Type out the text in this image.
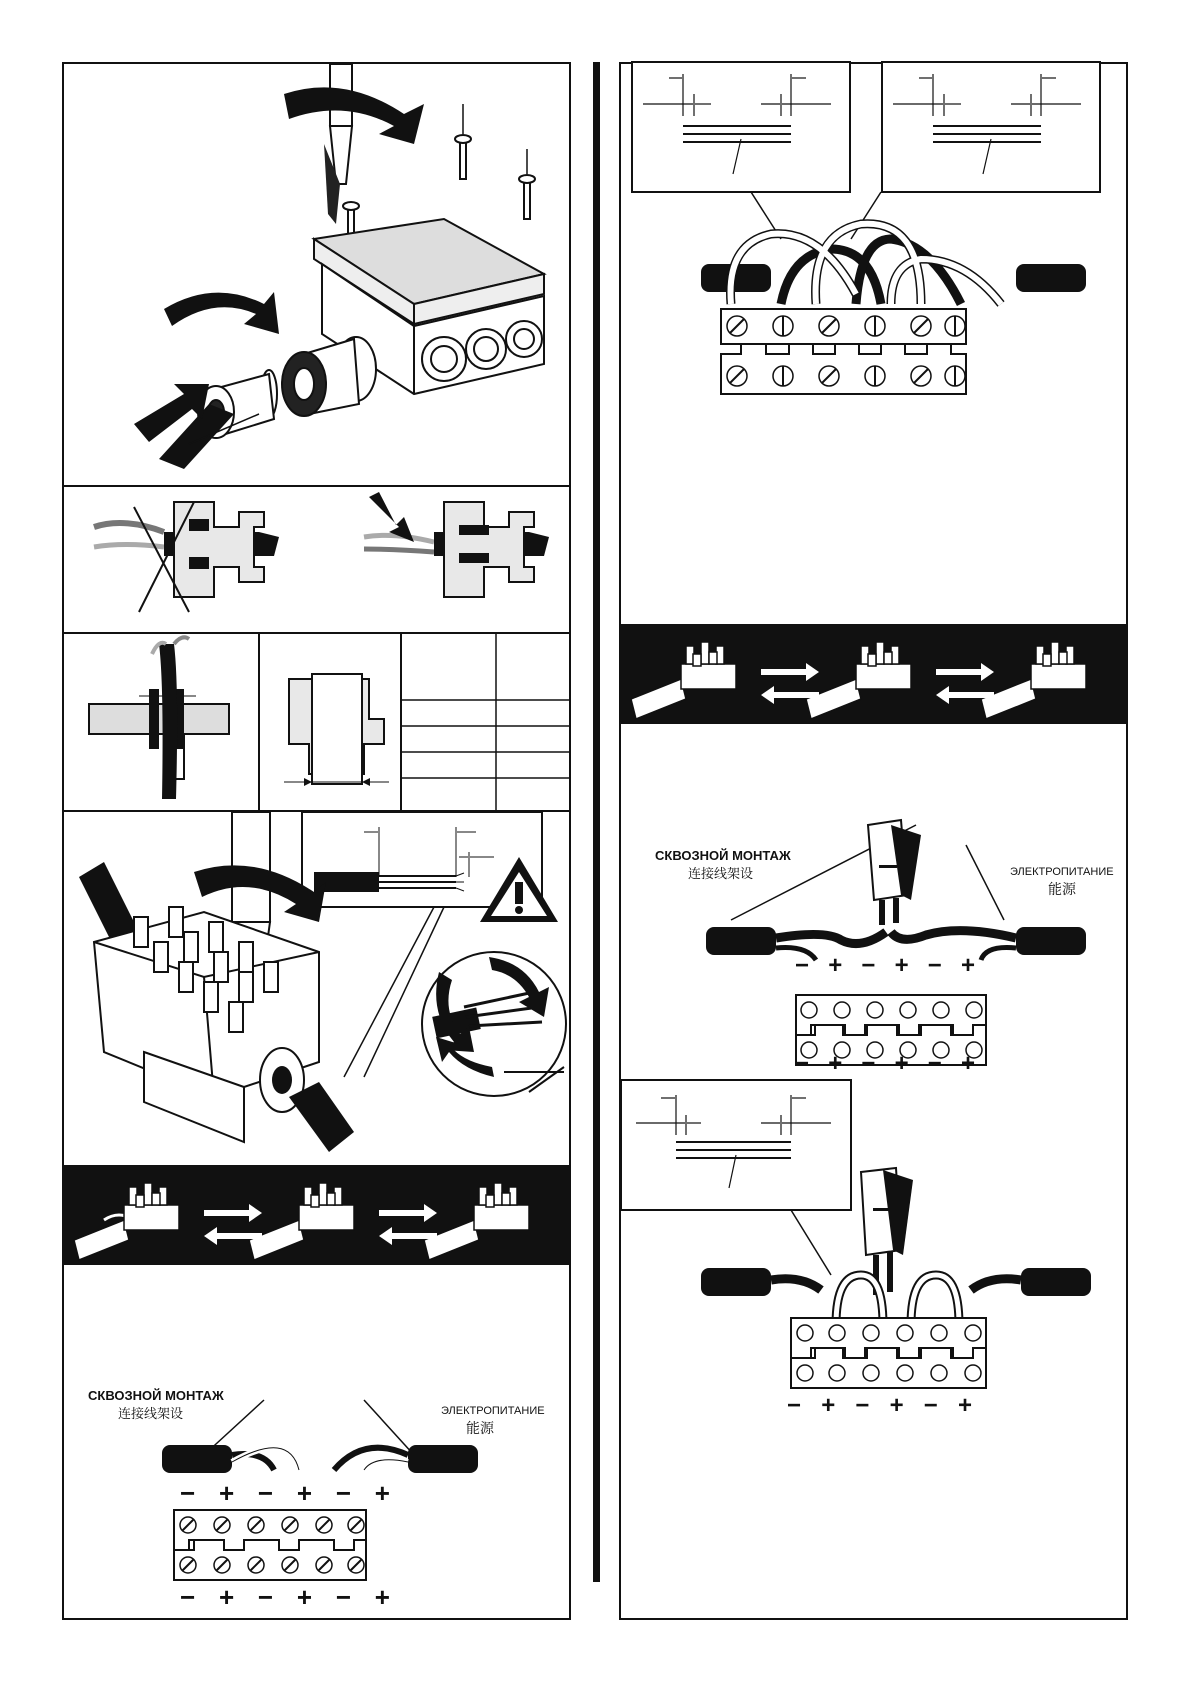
СКВОЗНОЙ МОНТАЖ
连接线架设	ЭЛЕКТРОПИТАНИЕ
能源
− + − + − +
− + − + − +
СКВОЗНОЙ МОНТАЖ
连接线架设	ЭЛЕКТРОПИТАНИЕ
能源
− + − + − +
− + − + − +
− + − + − +
